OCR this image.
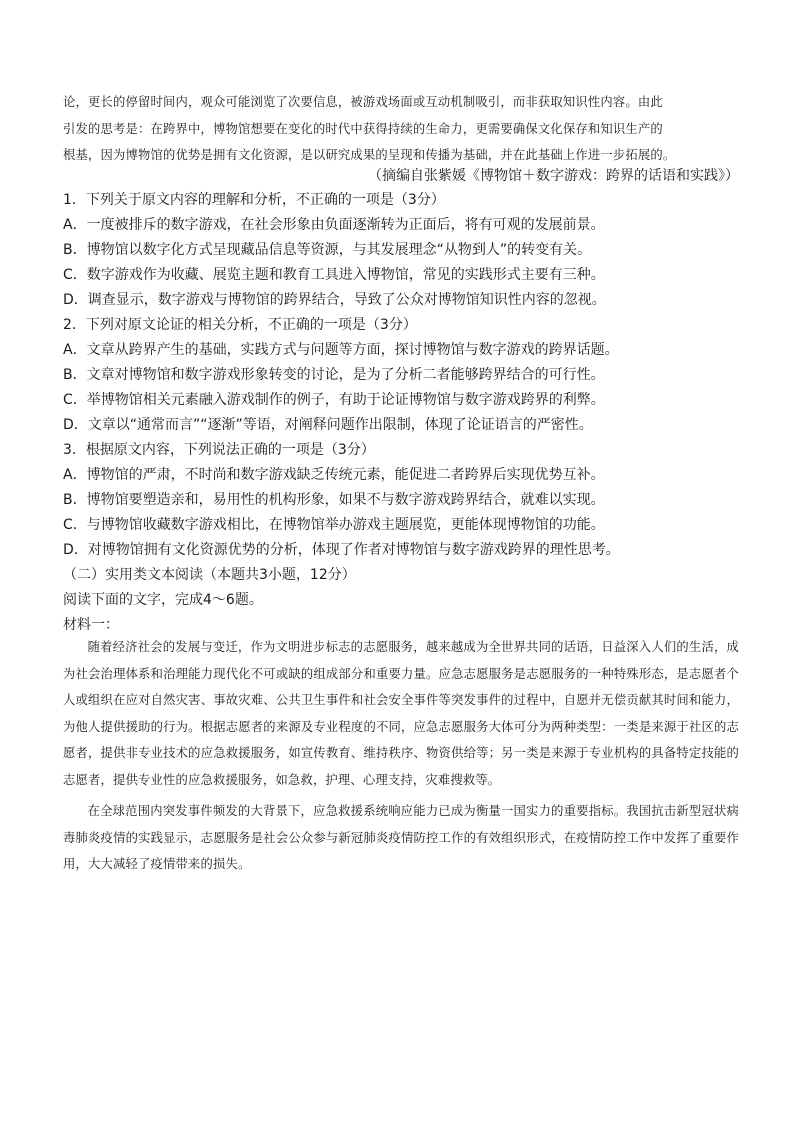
论，更长的停留时间内，观众可能浏览了次要信息，被游戏场面或互动机制吸引，而非获取知识性内容。由此

引发的思考是：在跨界中，博物馆想要在变化的时代中获得持续的生命力，更需要确保文化保存和知识生产的

根基，因为博物馆的优势是拥有文化资源，是以研究成果的呈现和传播为基础，并在此基础上作进一步拓展的。

（摘编自张紫媛《博物馆＋数字游戏：跨界的话语和实践》）
1．下列关于原文内容的理解和分析，不正确的一项是（3分）
A．一度被排斥的数字游戏，在社会形象由负面逐渐转为正面后，将有可观的发展前景。
B．博物馆以数字化方式呈现藏品信息等资源，与其发展理念“从物到人”的转变有关。
C．数字游戏作为收藏、展览主题和教育工具进入博物馆，常见的实践形式主要有三种。
D．调查显示，数字游戏与博物馆的跨界结合，导致了公众对博物馆知识性内容的忽视。
2．下列对原文论证的相关分析，不正确的一项是（3分）
A．文章从跨界产生的基础，实践方式与问题等方面，探讨博物馆与数字游戏的跨界话题。
B．文章对博物馆和数字游戏形象转变的讨论，是为了分析二者能够跨界结合的可行性。
C．举博物馆相关元素融入游戏制作的例子，有助于论证博物馆与数字游戏跨界的利弊。
D．文章以“通常而言”“逐渐”等语，对阐释问题作出限制，体现了论证语言的严密性。
3．根据原文内容，下列说法正确的一项是（3分）
A．博物馆的严肃，不时尚和数字游戏缺乏传统元素，能促进二者跨界后实现优势互补。
B．博物馆要塑造亲和，易用性的机构形象，如果不与数字游戏跨界结合，就难以实现。
C．与博物馆收藏数字游戏相比，在博物馆举办游戏主题展览，更能体现博物馆的功能。
D．对博物馆拥有文化资源优势的分析，体现了作者对博物馆与数字游戏跨界的理性思考。
（二）实用类文本阅读（本题共3小题，12分）
阅读下面的文字，完成4～6题。
材料一：

随着经济社会的发展与变迁，作为文明进步标志的志愿服务，越来越成为全世界共同的话语，日益深入人们的生活，成为社会治理体系和治理能力现代化不可或缺的组成部分和重要力量。应急志愿服务是志愿服务的一种特殊形态，是志愿者个人或组织在应对自然灾害、事故灾难、公共卫生事件和社会安全事件等突发事件的过程中，自愿并无偿贡献其时间和能力，为他人提供援助的行为。根据志愿者的来源及专业程度的不同，应急志愿服务大体可分为两种类型：一类是来源于社区的志愿者，提供非专业技术的应急救援服务，如宣传教育、维持秩序、物资供给等；另一类是来源于专业机构的具备特定技能的志愿者，提供专业性的应急救援服务，如急救，护理、心理支持，灾难搜救等。

在全球范围内突发事件频发的大背景下，应急救援系统响应能力已成为衡量一国实力的重要指标。我国抗击新型冠状病毒肺炎疫情的实践显示，志愿服务是社会公众参与新冠肺炎疫情防控工作的有效组织形式，在疫情防控工作中发挥了重要作用，大大减轻了疫情带来的损失。
